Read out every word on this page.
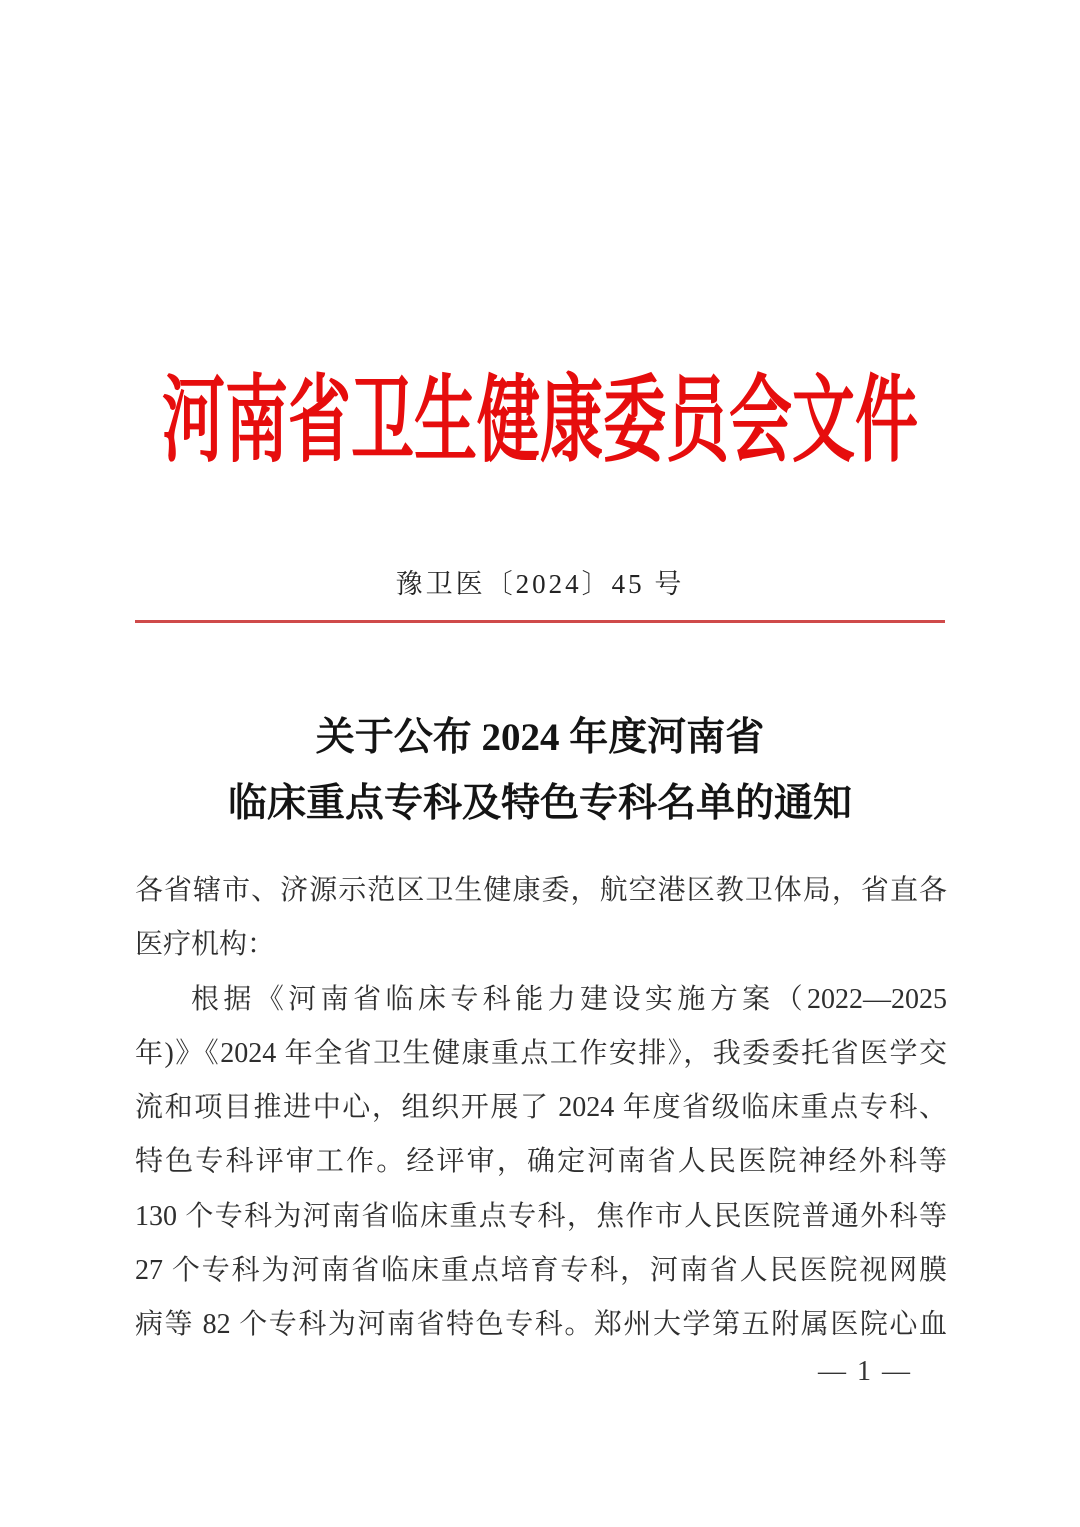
河南省卫生健康委员会文件
豫卫医〔2024〕45 号
关于公布 2024 年度河南省
临床重点专科及特色专科名单的通知
各省辖市、济源示范区卫生健康委，航空港区教卫体局，省直各
医疗机构：
根据《河南省临床专科能力建设实施方案（2022—2025
年)》《2024 年全省卫生健康重点工作安排》，我委委托省医学交
流和项目推进中心，组织开展了 2024 年度省级临床重点专科、
特色专科评审工作。经评审，确定河南省人民医院神经外科等
130 个专科为河南省临床重点专科，焦作市人民医院普通外科等
27 个专科为河南省临床重点培育专科，河南省人民医院视网膜
病等 82 个专科为河南省特色专科。郑州大学第五附属医院心血
— 1 —
